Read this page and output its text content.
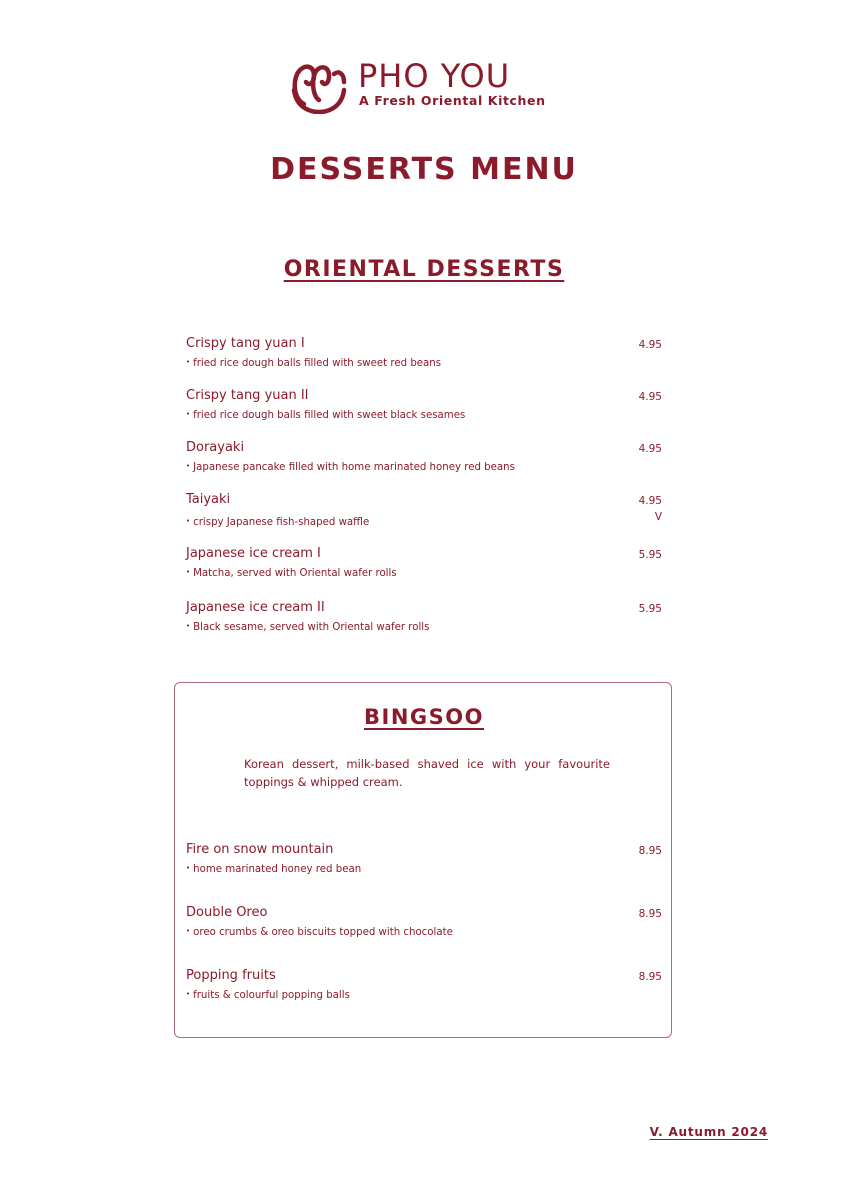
PHO YOU
A Fresh Oriental Kitchen
DESSERTS MENU
ORIENTAL DESSERTS
Crispy tang yuan I
• fried rice dough balls filled with sweet red beans
4.95
Crispy tang yuan II
• fried rice dough balls filled with sweet black sesames
4.95
Dorayaki
• Japanese pancake filled with home marinated honey red beans
4.95
Taiyaki
• crispy Japanese fish-shaped waffle
4.95
V
Japanese ice cream I
• Matcha, served with Oriental wafer rolls
5.95
Japanese ice cream II
• Black sesame, served with Oriental wafer rolls
5.95
BINGSOO
Korean dessert, milk-based shaved ice with your favourite toppings & whipped cream.
Fire on snow mountain
• home marinated honey red bean
8.95
Double Oreo
• oreo crumbs & oreo biscuits topped with chocolate
8.95
Popping fruits
• fruits & colourful popping balls
8.95
V. Autumn 2024
